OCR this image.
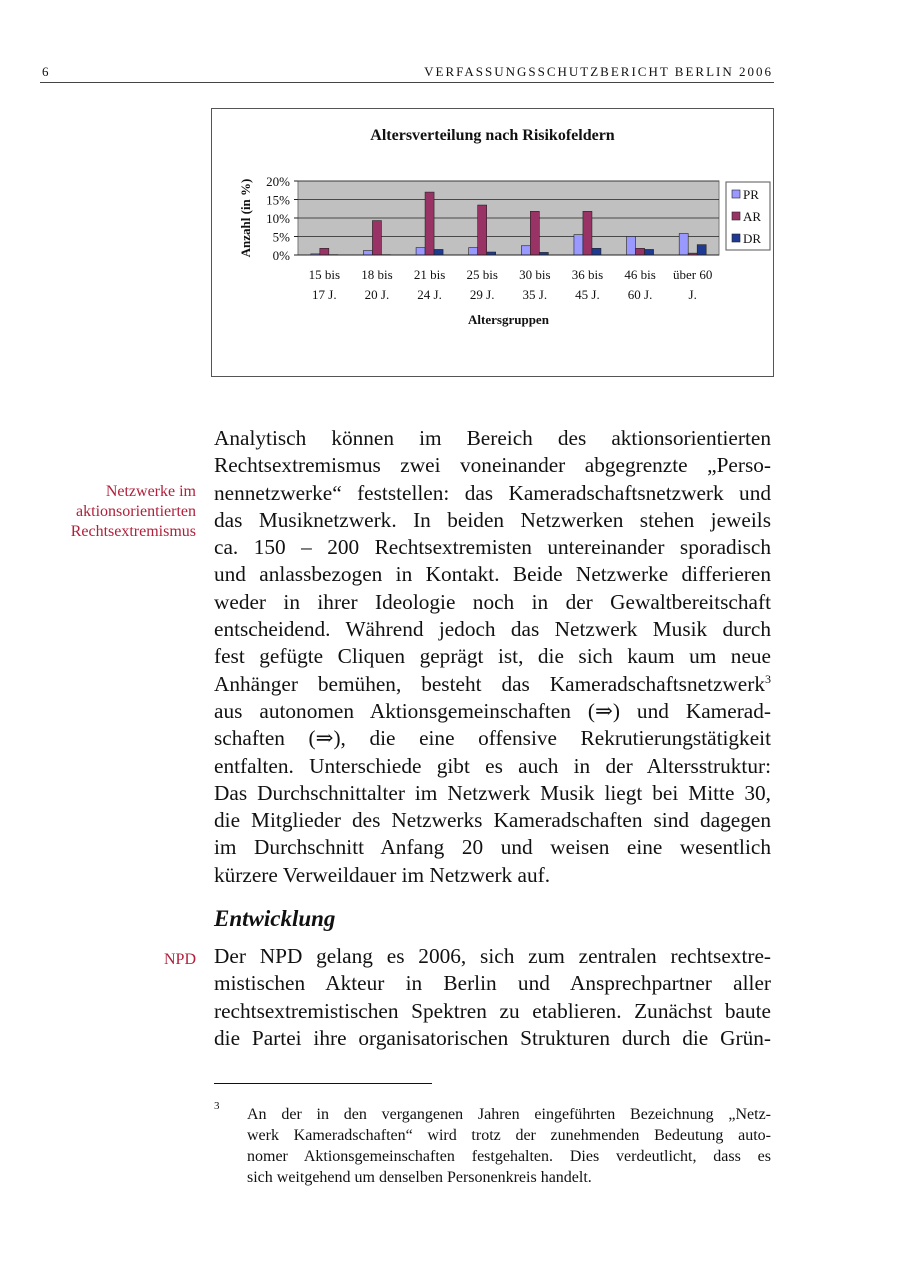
6	VERFASSUNGSSCHUTZBERICHT BERLIN 2006
Altersverteilung nach Risikofeldern
0%
5%
10%
15%
20%
15 bis
17 J.
18 bis
20 J.
21 bis
24 J.
25 bis
29 J.
30 bis
35 J.
36 bis
45 J.
46 bis
60 J.
über 60
J.
Altersgruppen
Anzahl (in %)	PR
AR
DR
Netzwerke im
aktionsorientierten
Rechtsextremismus
Analytisch können im Bereich des aktionsorientierten
Rechtsextremismus zwei voneinander abgegrenzte „Perso-
nennetzwerke“ feststellen: das Kameradschaftsnetzwerk und
das Musiknetzwerk. In beiden Netzwerken stehen jeweils
ca. 150 – 200 Rechtsextremisten untereinander sporadisch
und anlassbezogen in Kontakt. Beide Netzwerke differieren
weder in ihrer Ideologie noch in der Gewaltbereitschaft
entscheidend. Während jedoch das Netzwerk Musik durch
fest gefügte Cliquen geprägt ist, die sich kaum um neue
Anhänger bemühen, besteht das Kameradschaftsnetzwerk$^3$
aus autonomen Aktionsgemeinschaften (⇒) und Kamerad-
schaften (⇒), die eine offensive Rekrutierungstätigkeit
entfalten. Unterschiede gibt es auch in der Altersstruktur:
Das Durchschnittalter im Netzwerk Musik liegt bei Mitte 30,
die Mitglieder des Netzwerks Kameradschaften sind dagegen
im Durchschnitt Anfang 20 und weisen eine wesentlich
kürzere Verweildauer im Netzwerk auf.
Entwicklung
NPD Der NPD gelang es 2006, sich zum zentralen rechtsextre-
mistischen Akteur in Berlin und Ansprechpartner aller
rechtsextremistischen Spektren zu etablieren. Zunächst baute
die Partei ihre organisatorischen Strukturen durch die Grün-
3 An der in den vergangenen Jahren eingeführten Bezeichnung „Netz-
werk Kameradschaften“ wird trotz der zunehmenden Bedeutung auto-
nomer Aktionsgemeinschaften festgehalten. Dies verdeutlicht, dass es
sich weitgehend um denselben Personenkreis handelt.
